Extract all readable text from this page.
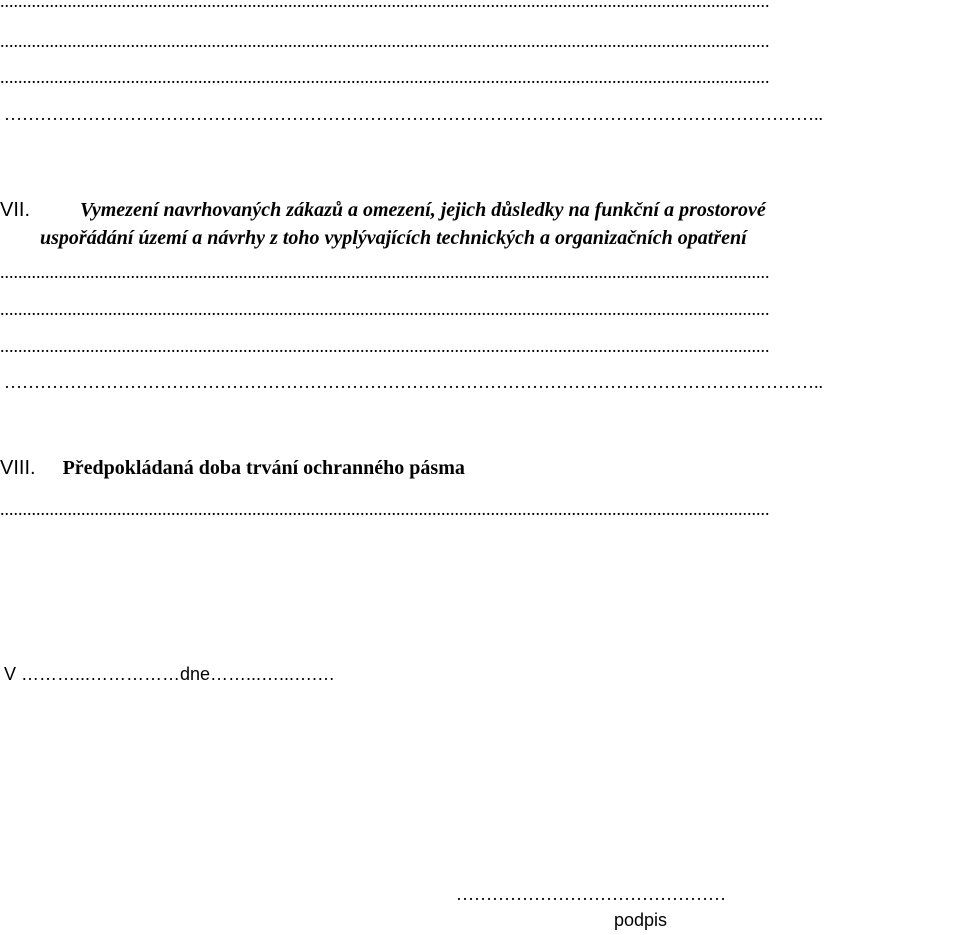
...........................................................................................................................................................................
...........................................................................................................................................................................
...........................................................................................................................................................................
………………………………………………………………………………………………………………………..
VII.	Vymezení navrhovaných zákazů a omezení, jejich důsledky na funkční a prostorové
uspořádání území a návrhy z toho vyplývajících technických a organizačních opatření
...........................................................................................................................................................................
...........................................................................................................................................................................
...........................................................................................................................................................................
………………………………………………………………………………………………………………………..
VIII. Předpokládaná doba trvání ochranného pásma
...........................................................................................................................................................................
V ………...……………dne……...…...….…
………………………………………
podpis
